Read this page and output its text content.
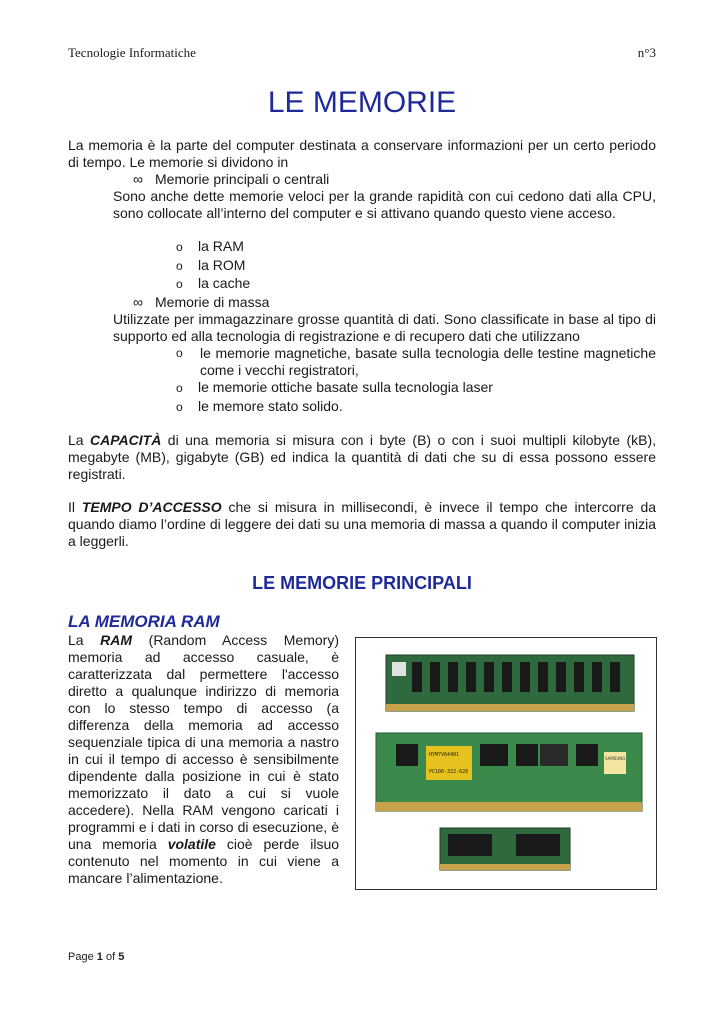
Tecnologie Informatiche	n°3
LE MEMORIE
La memoria è la parte del computer destinata a conservare informazioni per un certo periodo di tempo. Le memorie si dividono in
∞ Memorie principali o centrali
Sono anche dette memorie veloci per la grande rapidità con cui cedono dati alla CPU, sono collocate all’interno del computer e si attivano quando questo viene acceso.
o la RAM
o la ROM
o la cache
∞ Memorie di massa
Utilizzate per immagazzinare grosse quantità di dati. Sono classificate in base al tipo di supporto ed alla tecnologia di registrazione e di recupero dati che utilizzano
o	le memorie magnetiche, basate sulla tecnologia delle testine magnetiche come i vecchi registratori,
o le memorie ottiche basate sulla tecnologia laser
o le memore stato solido.
La CAPACITÀ di una memoria si misura con i byte (B) o con i suoi multipli kilobyte (kB), megabyte (MB), gigabyte (GB) ed indica la quantità di dati che su di essa possono essere registrati.
Il TEMPO D’ACCESSO che si misura in millisecondi, è invece il tempo che intercorre da quando diamo l’ordine di leggere dei dati su una memoria di massa a quando il computer inizia a leggerli.
LE MEMORIE PRINCIPALI
LA MEMORIA RAM
La RAM (Random Access Memory) memoria ad accesso casuale, è caratterizzata dal permettere l'accesso diretto a qualunque indirizzo di memoria con lo stesso tempo di accesso (a differenza della memoria ad accesso sequenziale tipica di una memoria a nastro in cui il tempo di accesso è sensibilmente dipendente dalla posizione in cui è stato memorizzato il dato a cui si vuole accedere). Nella RAM vengono caricati i programmi e i dati in corso di esecuzione, è una memoria volatile cioè perde ilsuo contenuto nel momento in cui viene a mancare l’alimentazione.
HYM7V64401
PC100-322-620
SAMSUNG
Page 1 of 5
